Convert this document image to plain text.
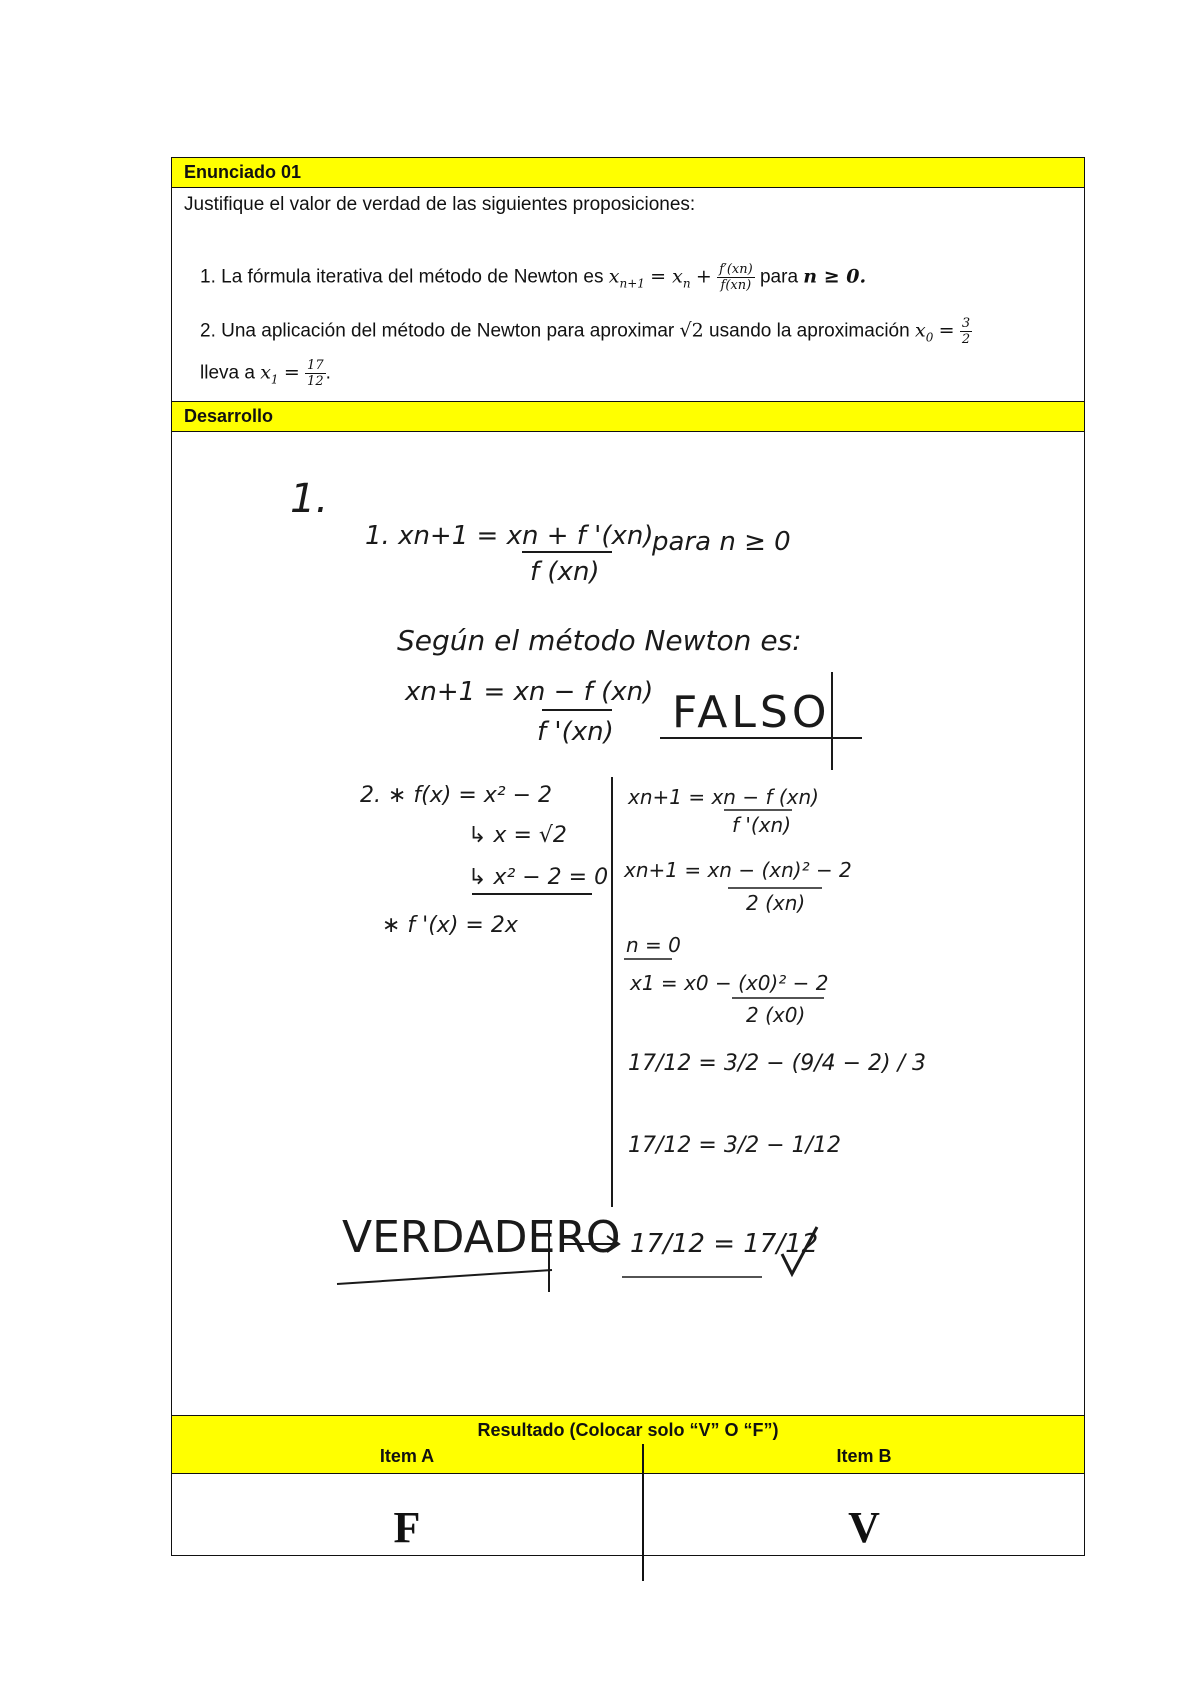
Enunciado 01

Justifique el valor de verdad de las siguientes proposiciones:

1. La fórmula iterativa del método de Newton es $x_{n+1} = x_n + \frac{f'(xn)}{f(xn)}$ para n ≥ 0.
2. Una aplicación del método de Newton para aproximar √2 usando la aproximación $x_0 = \frac{3}{2}$
lleva a $x_1 = \frac{17}{12}$ .
Desarrollo
1.
1. xn+1 = xn + f '(xn)
f (xn)
para n ≥ 0
Según el método Newton es:
xn+1 = xn − f (xn)
f '(xn) FALSO
2. ∗ f(x) = x² − 2
↳ x = √2
↳ x² − 2 = 0
∗ f '(x) = 2x
xn+1 = xn − f (xn)
f '(xn)
xn+1 = xn − (xn)² − 2
2 (xn)
n = 0
x1 = x0 − (x0)² − 2
2 (x0)
17/12 = 3/2 − (9/4 − 2) / 3
17/12 = 3/2 − 1/12
VERDADERO 17/12 = 17/12
Resultado (Colocar solo “V” O “F”)
Item A	Item B
F	V
